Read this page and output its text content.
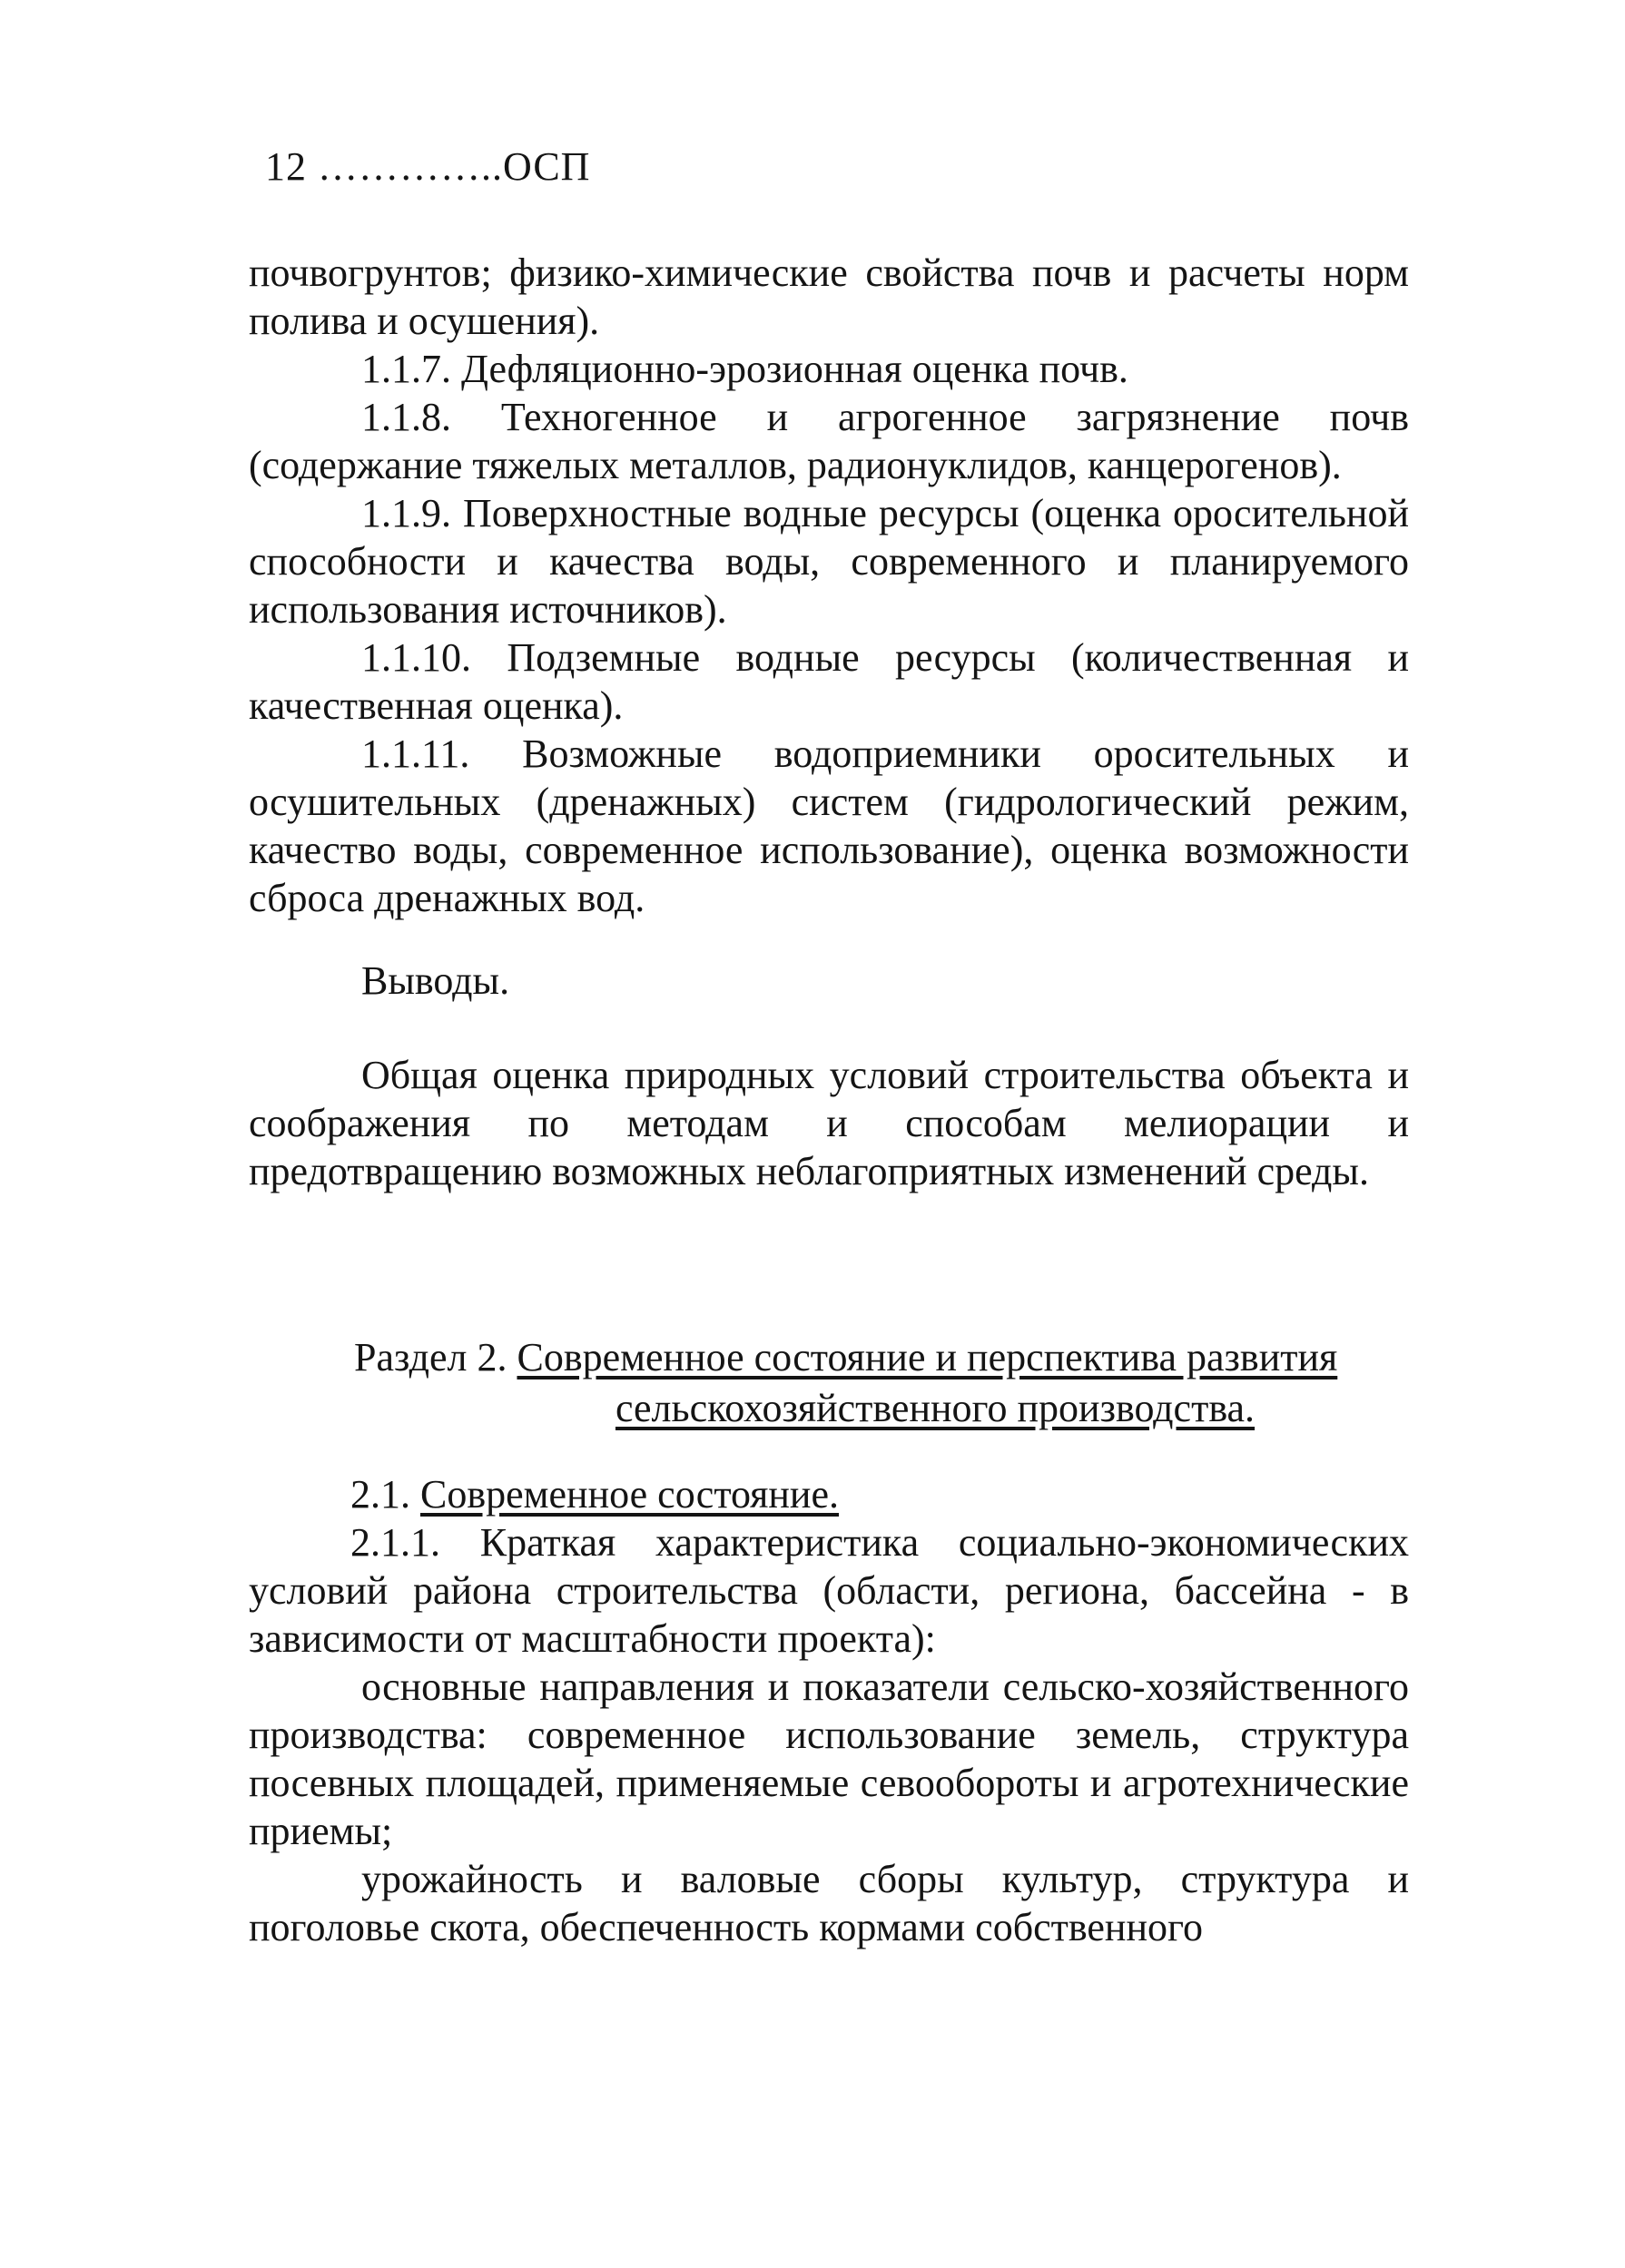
12 …………..ОСП

почвогрунтов; физико-химические свойства почв и расчеты норм полива и осушения).

1.1.7. Дефляционно-эрозионная оценка почв.

1.1.8. Техногенное и агрогенное загрязнение почв (содержание тяжелых металлов, радионуклидов, канцерогенов).

1.1.9. Поверхностные водные ресурсы (оценка оросительной способности и качества воды, современного и планируемого использования источников).

1.1.10. Подземные водные ресурсы (количественная и качественная оценка).

1.1.11. Возможные водоприемники оросительных и осушительных (дренажных) систем (гидрологический режим, качество воды, современное использование), оценка возможности сброса дренажных вод.

Выводы.

Общая оценка природных условий строительства объекта и соображения по методам и способам мелиорации и предотвращению возможных неблагоприятных изменений среды.

Раздел 2. Современное состояние и перспектива развития
сельскохозяйственного производства.

2.1. Современное состояние.

2.1.1. Краткая характеристика социально-экономических условий района строительства (области, региона, бассейна - в зависимости от масштабности проекта):

основные направления и показатели сельско-хозяйственного производства: современное использование земель, структура посевных площадей, применяемые севообороты и агротехнические приемы;

урожайность и валовые сборы культур, структура и поголовье скота, обеспеченность кормами собственного
